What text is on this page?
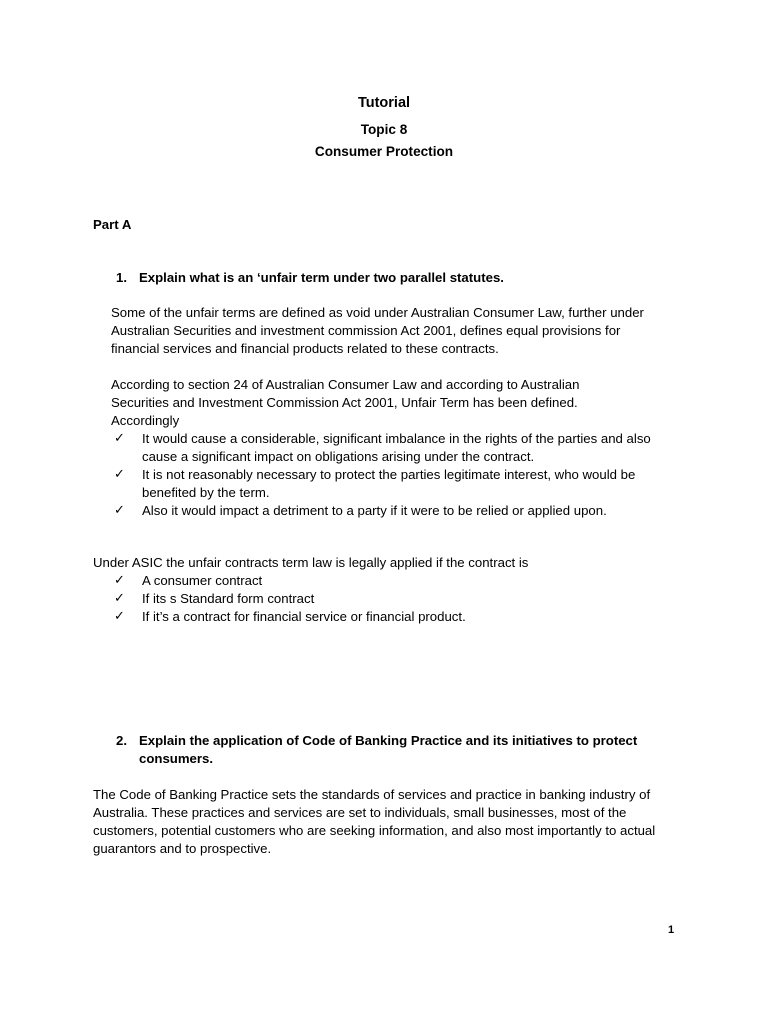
Tutorial

Topic 8

Consumer Protection

Part A

1. Explain what is an ‘unfair term under two parallel statutes.

Some of the unfair terms are defined as void under Australian Consumer Law, further under Australian Securities and investment commission Act 2001, defines equal provisions for financial services and financial products related to these contracts.

According to section 24 of Australian Consumer Law and according to Australian Securities and Investment Commission Act 2001, Unfair Term has been defined. Accordingly

✓	It would cause a considerable, significant imbalance in the rights of the parties and also cause a significant impact on obligations arising under the contract.
✓	It is not reasonably necessary to protect the parties legitimate interest, who would be benefited by the term.
✓	Also it would impact a detriment to a party if it were to be relied or applied upon.

Under ASIC the unfair contracts term law is legally applied if the contract is

✓	A consumer contract
✓	If its s Standard form contract
✓	If it’s a contract for financial service or financial product.

2. Explain the application of Code of Banking Practice and its initiatives to protect consumers.

The Code of Banking Practice sets the standards of services and practice in banking industry of Australia. These practices and services are set to individuals, small businesses, most of the customers, potential customers who are seeking information, and also most importantly to actual guarantors and to prospective.

1
